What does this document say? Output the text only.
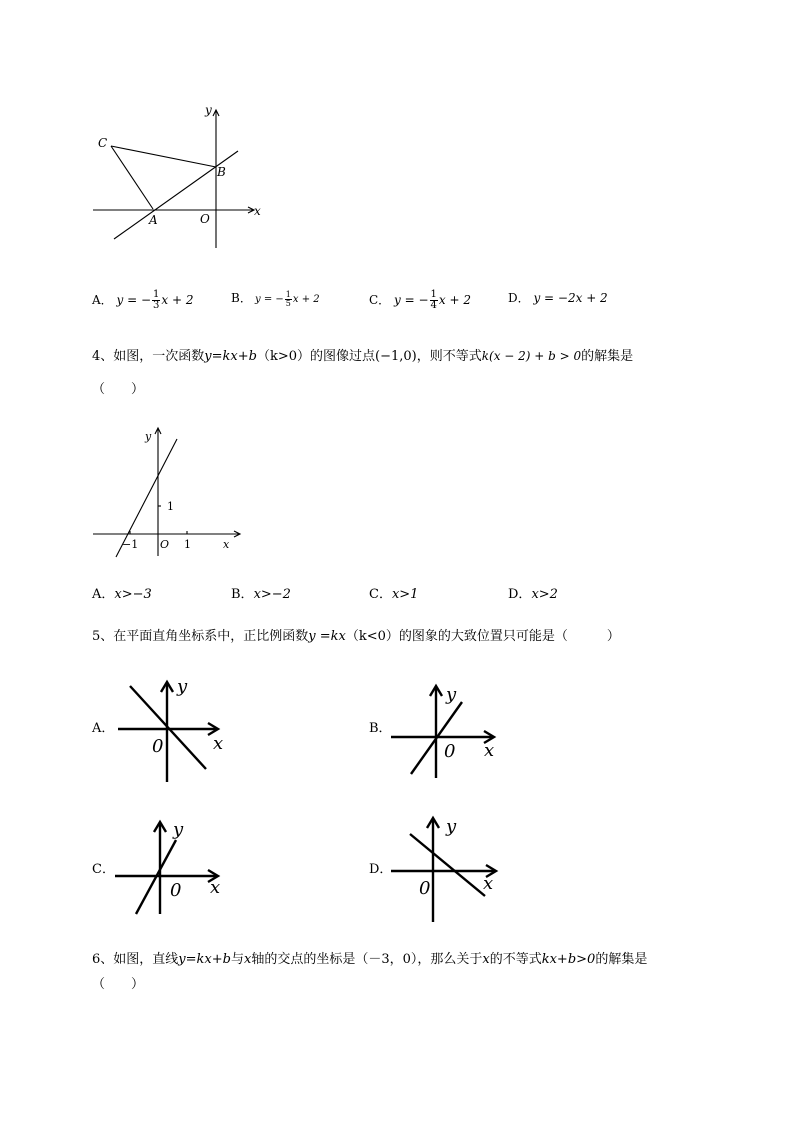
y
C
B
A	O
x
A． y = − $\frac{1}{3}$ x + 2	B． y = − $\frac{1}{5}$ x + 2	C． y = − $\frac{1}{4}$ x + 2	D． y = −2x + 2
4、如图，一次函数y=kx+b（k>0）的图像过点(−1,0)，则不等式k(x − 2) + b > 0的解集是
（　　）
y
1
−1 O 1	x
A．x>−3	B．x>−2	C．x>1	D．x>2
5、在平面直角坐标系中，正比例函数y =kx（k<0）的图象的大致位置只可能是（　　　）
A．
y
x
0
B．
y
x
0
C．
y
x
0
D．
y
x
0
6、如图，直线y=kx+b与x轴的交点的坐标是（－3，0），那么关于x的不等式kx+b>0的解集是
（　　）
